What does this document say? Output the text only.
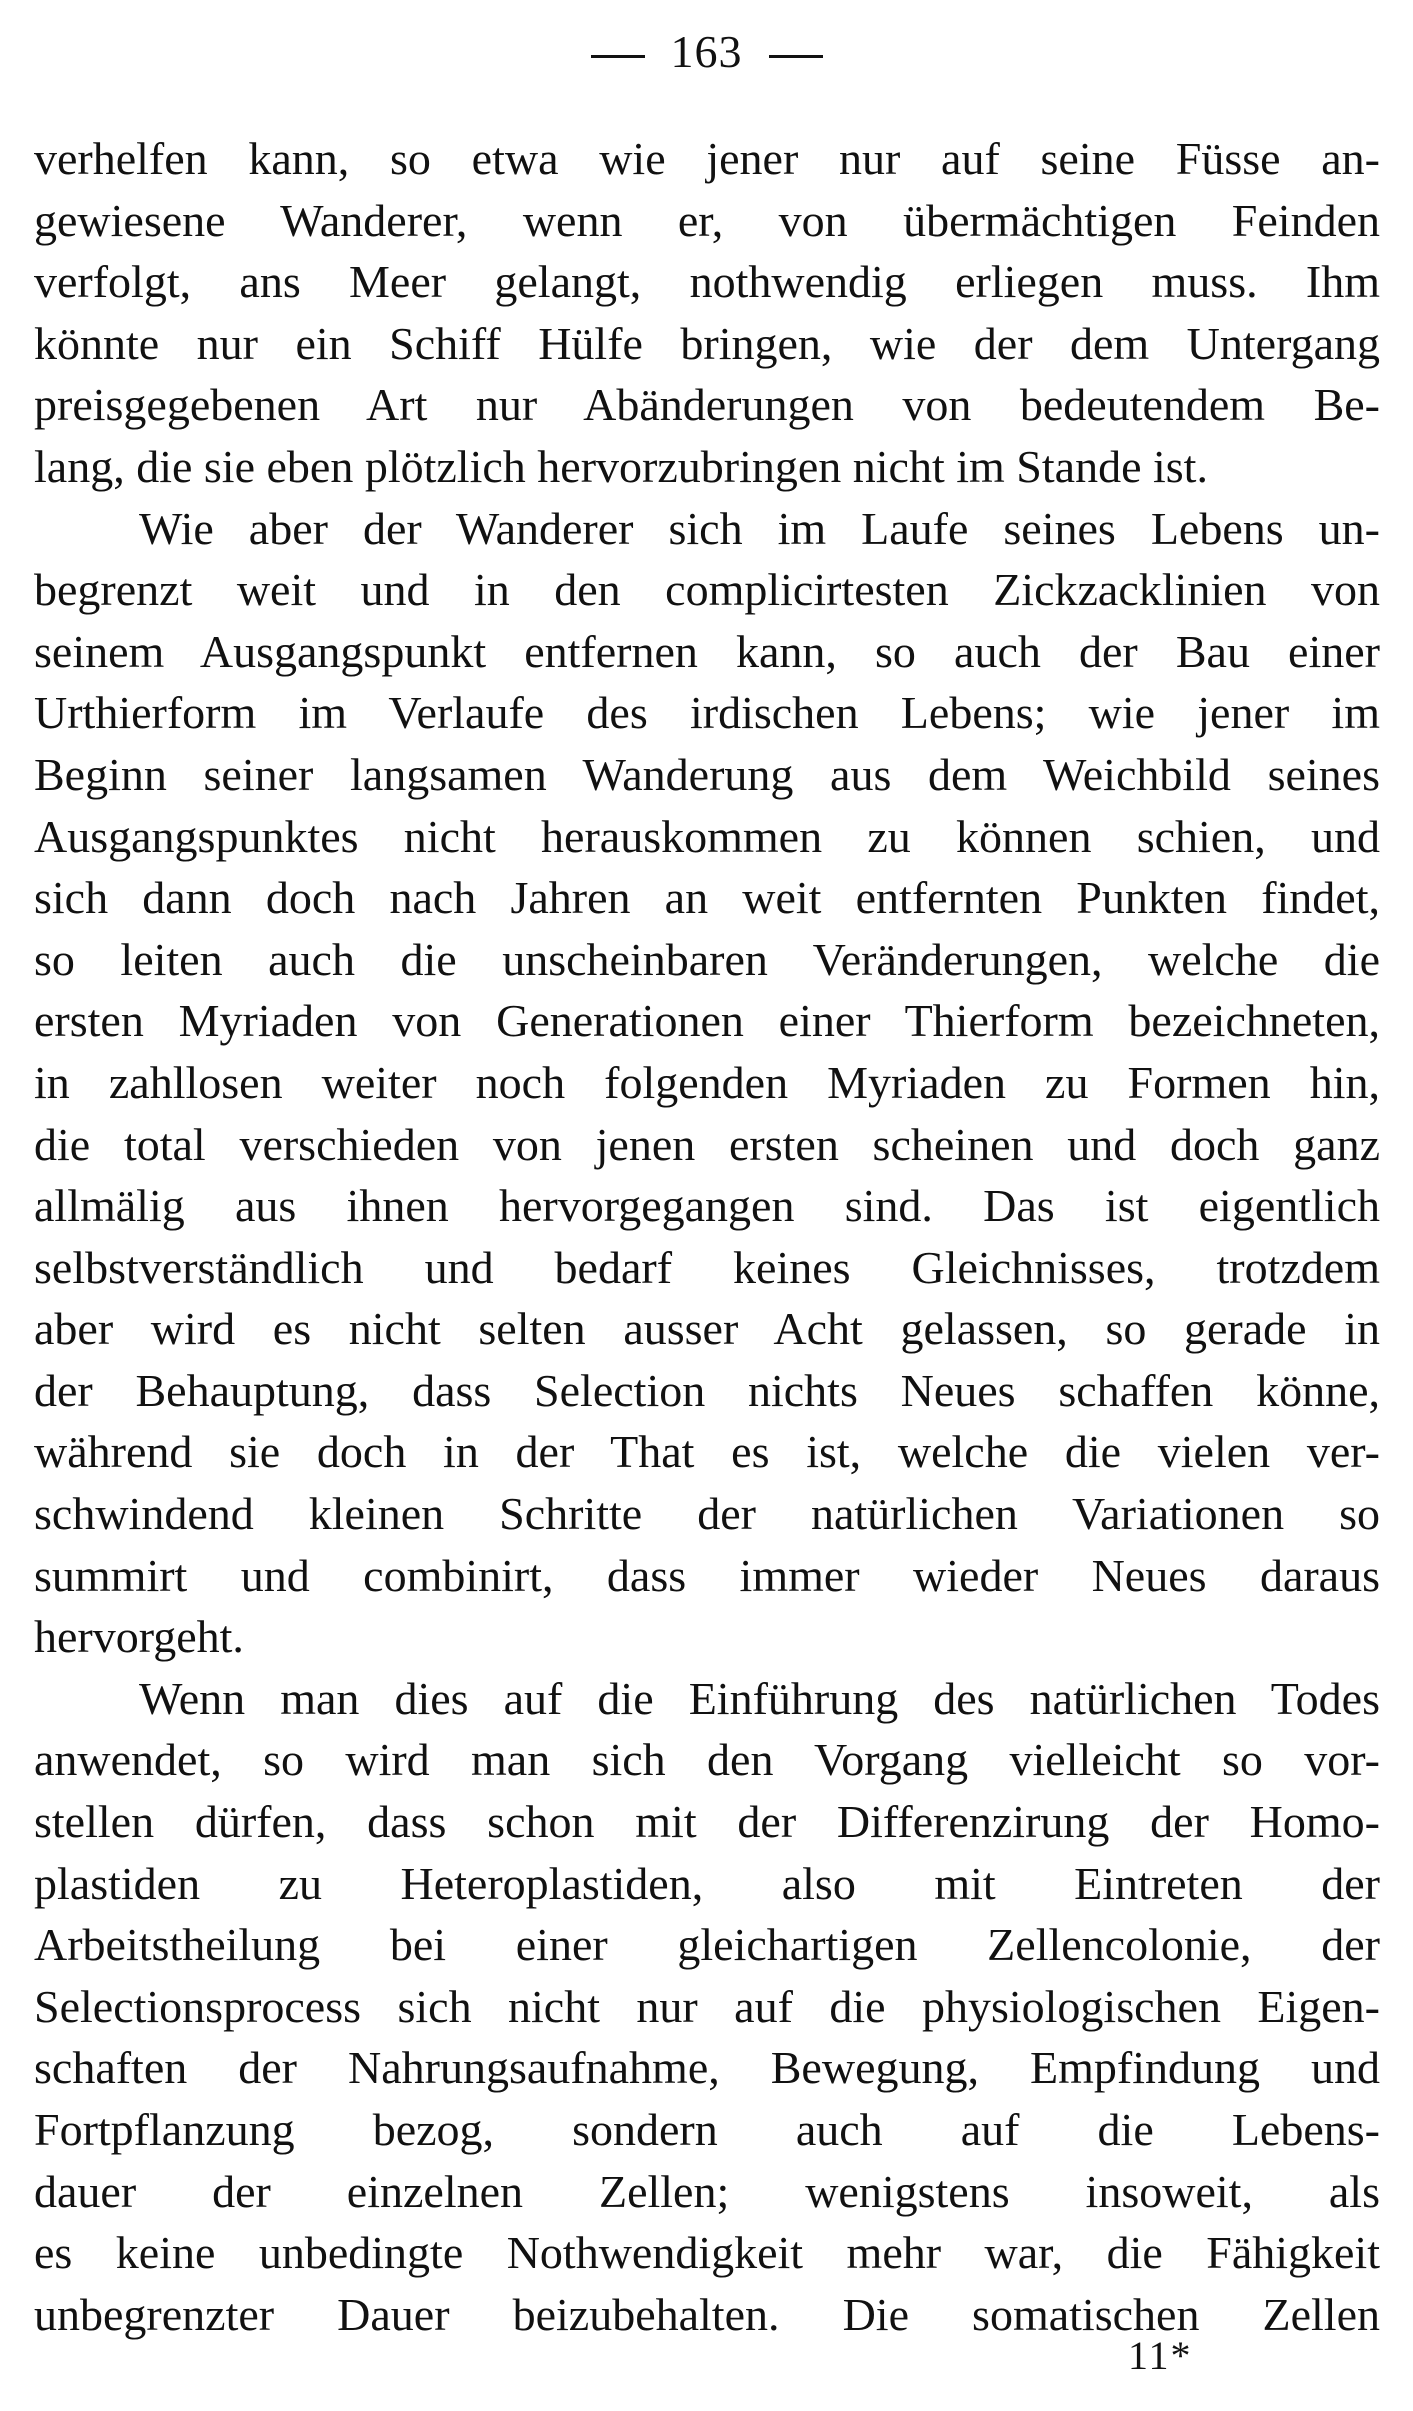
163
verhelfen kann, so etwa wie jener nur auf seine Füsse an-
gewiesene Wanderer, wenn er, von übermächtigen Feinden
verfolgt, ans Meer gelangt, nothwendig erliegen muss. Ihm
könnte nur ein Schiff Hülfe bringen, wie der dem Untergang
preisgegebenen Art nur Abänderungen von bedeutendem Be-
lang, die sie eben plötzlich hervorzubringen nicht im Stande ist.
Wie aber der Wanderer sich im Laufe seines Lebens un-
begrenzt weit und in den complicirtesten Zickzacklinien von
seinem Ausgangspunkt entfernen kann, so auch der Bau einer
Urthierform im Verlaufe des irdischen Lebens; wie jener im
Beginn seiner langsamen Wanderung aus dem Weichbild seines
Ausgangspunktes nicht herauskommen zu können schien, und
sich dann doch nach Jahren an weit entfernten Punkten findet,
so leiten auch die unscheinbaren Veränderungen, welche die
ersten Myriaden von Generationen einer Thierform bezeichneten,
in zahllosen weiter noch folgenden Myriaden zu Formen hin,
die total verschieden von jenen ersten scheinen und doch ganz
allmälig aus ihnen hervorgegangen sind. Das ist eigentlich
selbstverständlich und bedarf keines Gleichnisses, trotzdem
aber wird es nicht selten ausser Acht gelassen, so gerade in
der Behauptung, dass Selection nichts Neues schaffen könne,
während sie doch in der That es ist, welche die vielen ver-
schwindend kleinen Schritte der natürlichen Variationen so
summirt und combinirt, dass immer wieder Neues daraus
hervorgeht.
Wenn man dies auf die Einführung des natürlichen Todes
anwendet, so wird man sich den Vorgang vielleicht so vor-
stellen dürfen, dass schon mit der Differenzirung der Homo-
plastiden zu Heteroplastiden, also mit Eintreten der
Arbeitstheilung bei einer gleichartigen Zellencolonie, der
Selectionsprocess sich nicht nur auf die physiologischen Eigen-
schaften der Nahrungsaufnahme, Bewegung, Empfindung und
Fortpflanzung bezog, sondern auch auf die Lebens-
dauer der einzelnen Zellen; wenigstens insoweit, als
es keine unbedingte Nothwendigkeit mehr war, die Fähigkeit
unbegrenzter Dauer beizubehalten. Die somatischen Zellen
11*
